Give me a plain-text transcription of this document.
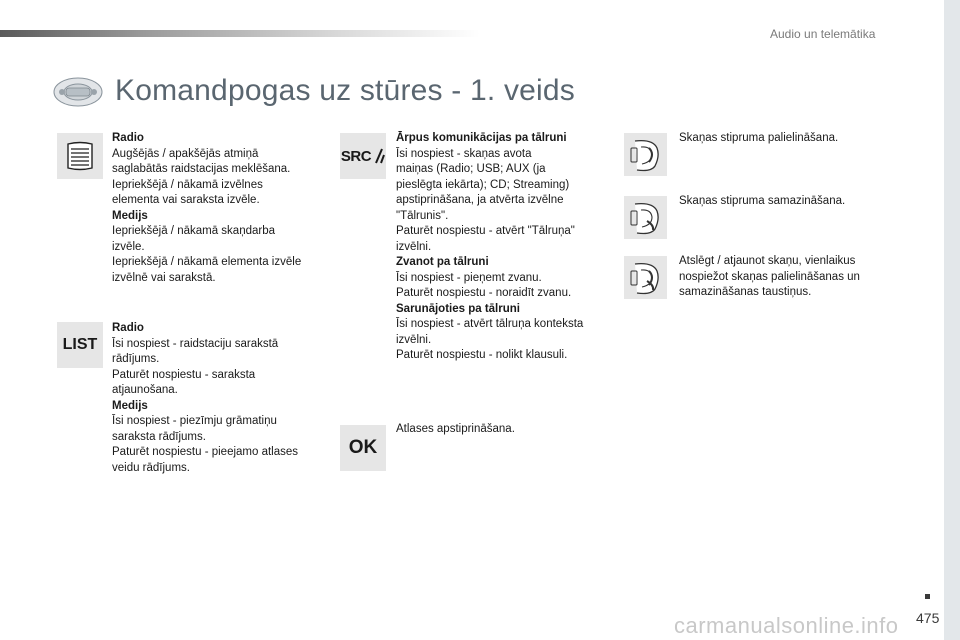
Audio un telemātika
Komandpogas uz stūres - 1. veids
Radio
Augšējās / apakšējās atmiņā
saglabātās raidstacijas meklēšana.
Iepriekšējā / nākamā izvēlnes
elementa vai saraksta izvēle.
Medijs
Iepriekšējā / nākamā skaņdarba
izvēle.
Iepriekšējā / nākamā elementa izvēle
izvēlnē vai sarakstā.
LIST
Radio
Īsi nospiest - raidstaciju sarakstā
rādījums.
Paturēt nospiestu - saraksta
atjaunošana.
Medijs
Īsi nospiest - piezīmju grāmatiņu
saraksta rādījums.
Paturēt nospiestu - pieejamo atlases
veidu rādījums.
SRC
Ārpus komunikācijas pa tālruni
Īsi nospiest - skaņas avota
maiņas (Radio; USB; AUX (ja
pieslēgta iekārta); CD; Streaming)
apstiprināšana, ja atvērta izvēlne
"Tālrunis".
Paturēt nospiestu - atvērt "Tālruņa"
izvēlni.
Zvanot pa tālruni
Īsi nospiest - pieņemt zvanu.
Paturēt nospiestu - noraidīt zvanu.
Sarunājoties pa tālruni
Īsi nospiest - atvērt tālruņa konteksta
izvēlni.
Paturēt nospiestu - nolikt klausuli.
OK
Atlases apstiprināšana.
Skaņas stipruma palielināšana.
Skaņas stipruma samazināšana.
Atslēgt / atjaunot skaņu, vienlaikus
nospiežot skaņas palielināšanas un
samazināšanas taustiņus.
carmanualsonline.info 475
